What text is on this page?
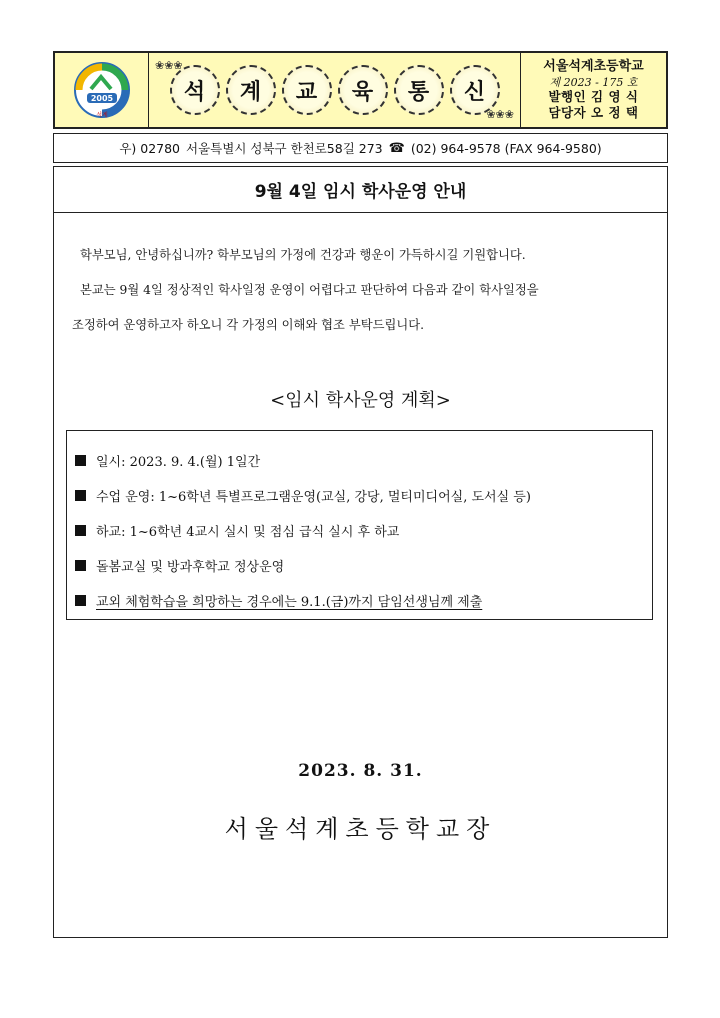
2005
석계
❀❀❀
❀❀❀
석	계	교	육	통	신
서울석계초등학교
제 2023 - 175 호
발행인 김 영 식
담당자 오 정 택
우) 02780 서울특별시 성북구 한천로58길 273 ☎ (02) 964-9578 (FAX 964-9580)
9월 4일 임시 학사운영 안내
학부모님, 안녕하십니까? 학부모님의 가정에 건강과 행운이 가득하시길 기원합니다.
본교는 9월 4일 정상적인 학사일정 운영이 어렵다고 판단하여 다음과 같이 학사일정을
조정하여 운영하고자 하오니 각 가정의 이해와 협조 부탁드립니다.
<임시 학사운영 계획>
일시: 2023. 9. 4.(월) 1일간
수업 운영: 1~6학년 특별프로그램운영(교실, 강당, 멀티미디어실, 도서실 등)
하교: 1~6학년 4교시 실시 및 점심 급식 실시 후 하교
돌봄교실 및 방과후학교 정상운영
교외 체험학습을 희망하는 경우에는 9.1.(금)까지 담임선생님께 제출
2023. 8. 31.
서울석계초등학교장
